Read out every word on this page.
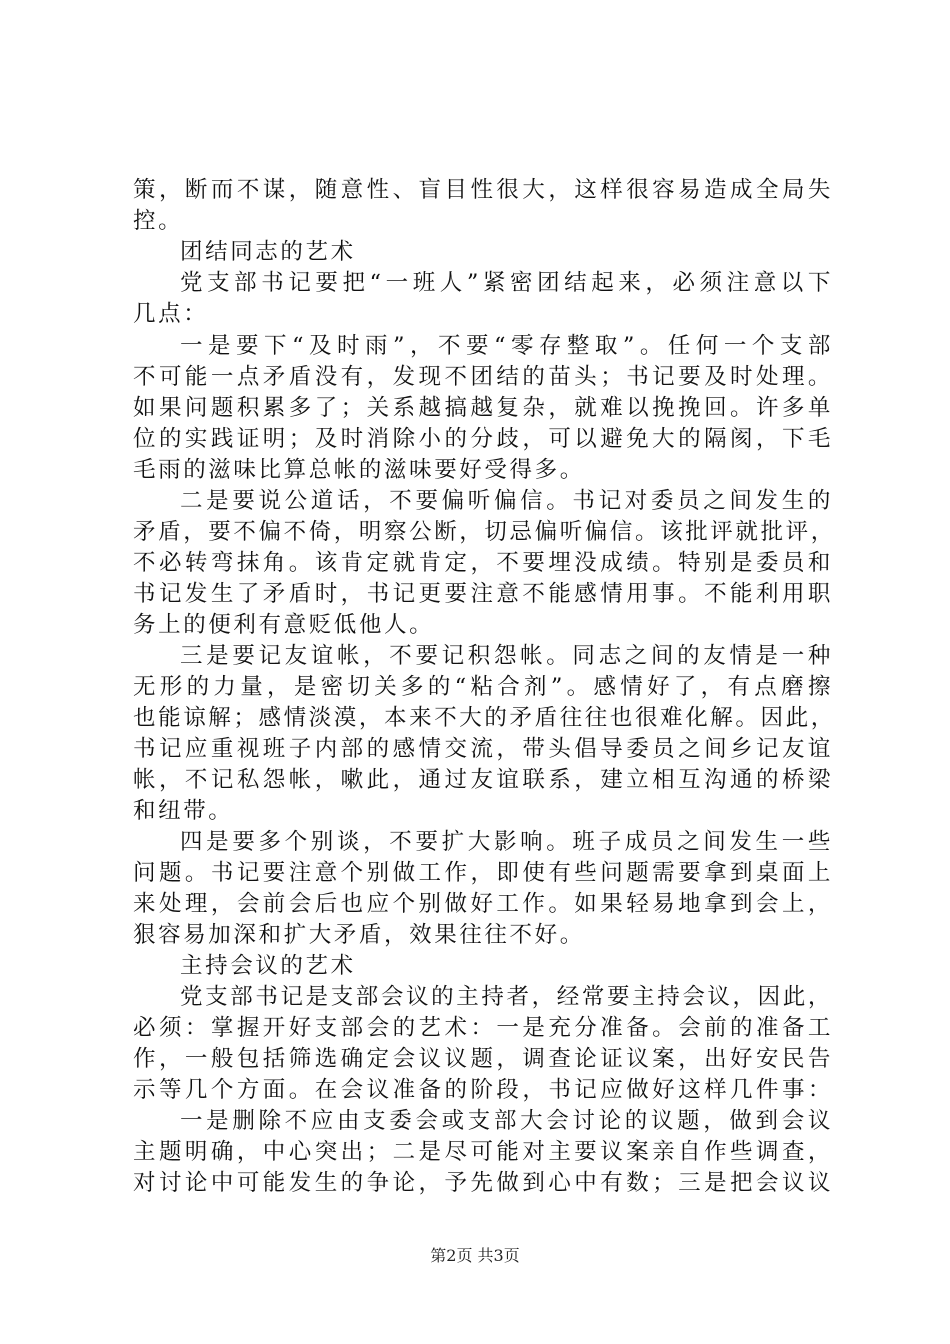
策，断而不谋，随意性、盲目性很大，这样很容易造成全局失
控。
团结同志的艺术
党支部书记要把“一班人”紧密团结起来，必须注意以下
几点：
一是要下“及时雨”，不要“零存整取”。任何一个支部
不可能一点矛盾没有，发现不团结的苗头；书记要及时处理。
如果问题积累多了；关系越搞越复杂，就难以挽挽回。许多单
位的实践证明；及时消除小的分歧，可以避免大的隔阂，下毛
毛雨的滋味比算总帐的滋味要好受得多。
二是要说公道话，不要偏听偏信。书记对委员之间发生的
矛盾，要不偏不倚，明察公断，切忌偏听偏信。该批评就批评，
不必转弯抹角。该肯定就肯定，不要埋没成绩。特别是委员和
书记发生了矛盾时，书记更要注意不能感情用事。不能利用职
务上的便利有意贬低他人。
三是要记友谊帐，不要记积怨帐。同志之间的友情是一种
无形的力量，是密切关多的“粘合剂”。感情好了，有点磨擦
也能谅解；感情淡漠，本来不大的矛盾往往也很难化解。因此，
书记应重视班子内部的感情交流，带头倡导委员之间乡记友谊
帐，不记私怨帐，嗽此，通过友谊联系，建立相互沟通的桥梁
和纽带。
四是要多个别谈，不要扩大影响。班子成员之间发生一些
问题。书记要注意个别做工作，即使有些问题需要拿到桌面上
来处理，会前会后也应个别做好工作。如果轻易地拿到会上，
狠容易加深和扩大矛盾，效果往往不好。
主持会议的艺术
党支部书记是支部会议的主持者，经常要主持会议，因此，
必须：掌握开好支部会的艺术：一是充分准备。会前的准备工
作，一般包括筛选确定会议议题，调查论证议案，出好安民告
示等几个方面。在会议准备的阶段，书记应做好这样几件事：
一是删除不应由支委会或支部大会讨论的议题，做到会议
主题明确，中心突出；二是尽可能对主要议案亲自作些调查，
对讨论中可能发生的争论，予先做到心中有数；三是把会议议
第2页 共3页
